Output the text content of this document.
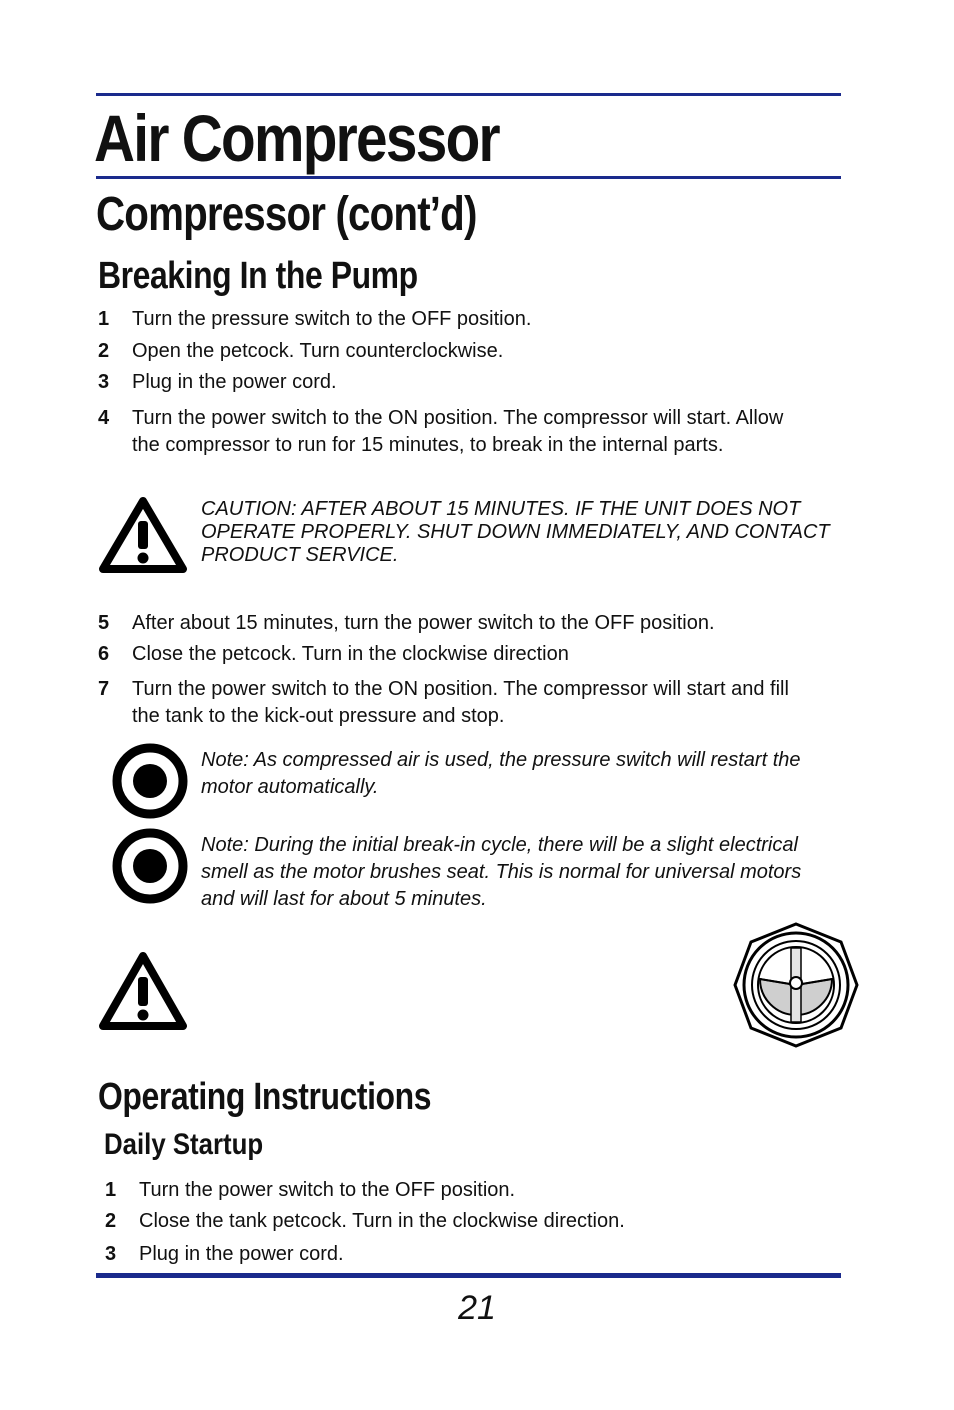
Air Compressor
Compressor (cont’d)
Breaking In the Pump
1 Turn the pressure switch to the OFF position.
2 Open the petcock. Turn counterclockwise.
3 Plug in the power cord.
4 Turn the power switch to the ON position. The compressor will start. Allow the compressor to run for 15 minutes, to break in the internal parts.
CAUTION: AFTER ABOUT 15 MINUTES. IF THE UNIT DOES NOT OPERATE PROPERLY. SHUT DOWN IMMEDIATELY, AND CONTACT PRODUCT SERVICE.
5 After about 15 minutes, turn the power switch to the OFF position.
6 Close the petcock. Turn in the clockwise direction
7 Turn the power switch to the ON position. The compressor will start and fill the tank to the kick-out pressure and stop.
Note: As compressed air is used, the pressure switch will restart the motor automatically.
Note: During the initial break-in cycle, there will be a slight electrical smell as the motor brushes seat. This is normal for universal motors and will last for about 5 minutes.
Operating Instructions
Daily Startup
1 Turn the power switch to the OFF position.
2 Close the tank petcock. Turn in the clockwise direction.
3 Plug in the power cord.
21
